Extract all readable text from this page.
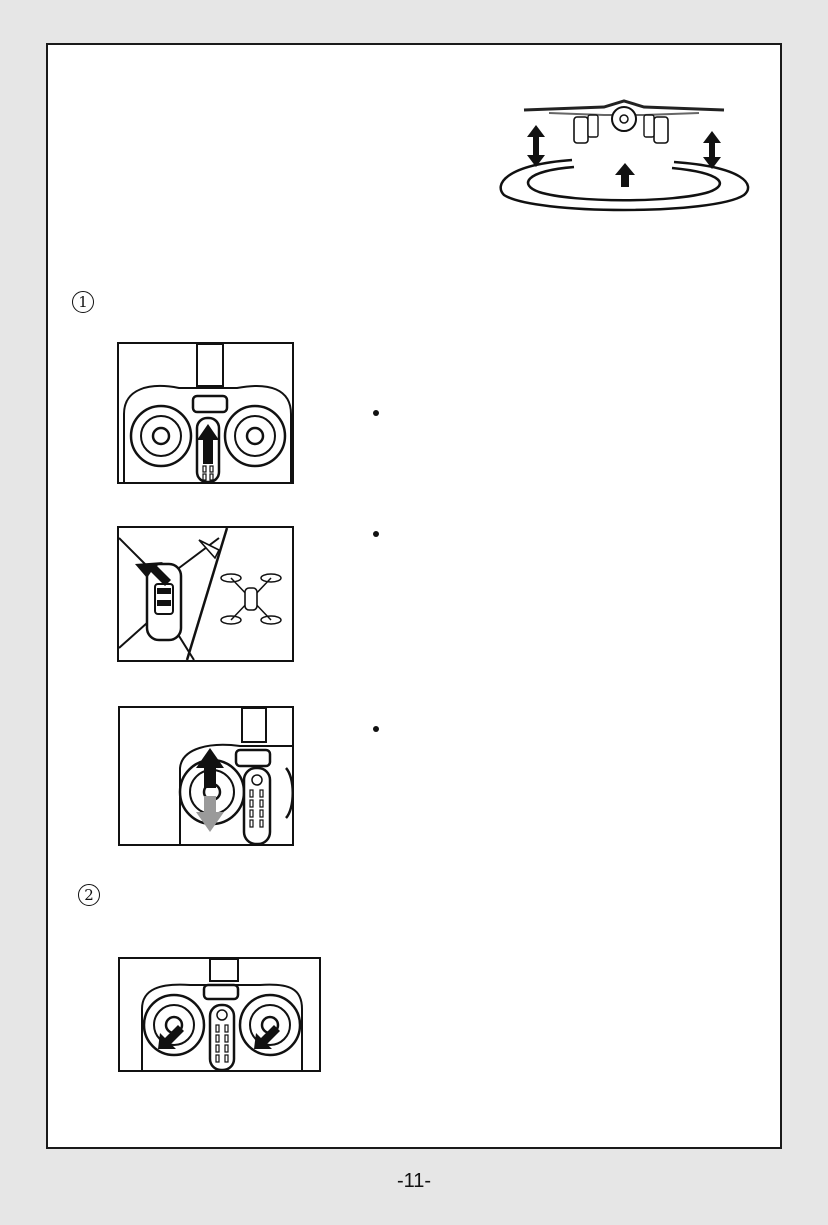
1
2
-11-
